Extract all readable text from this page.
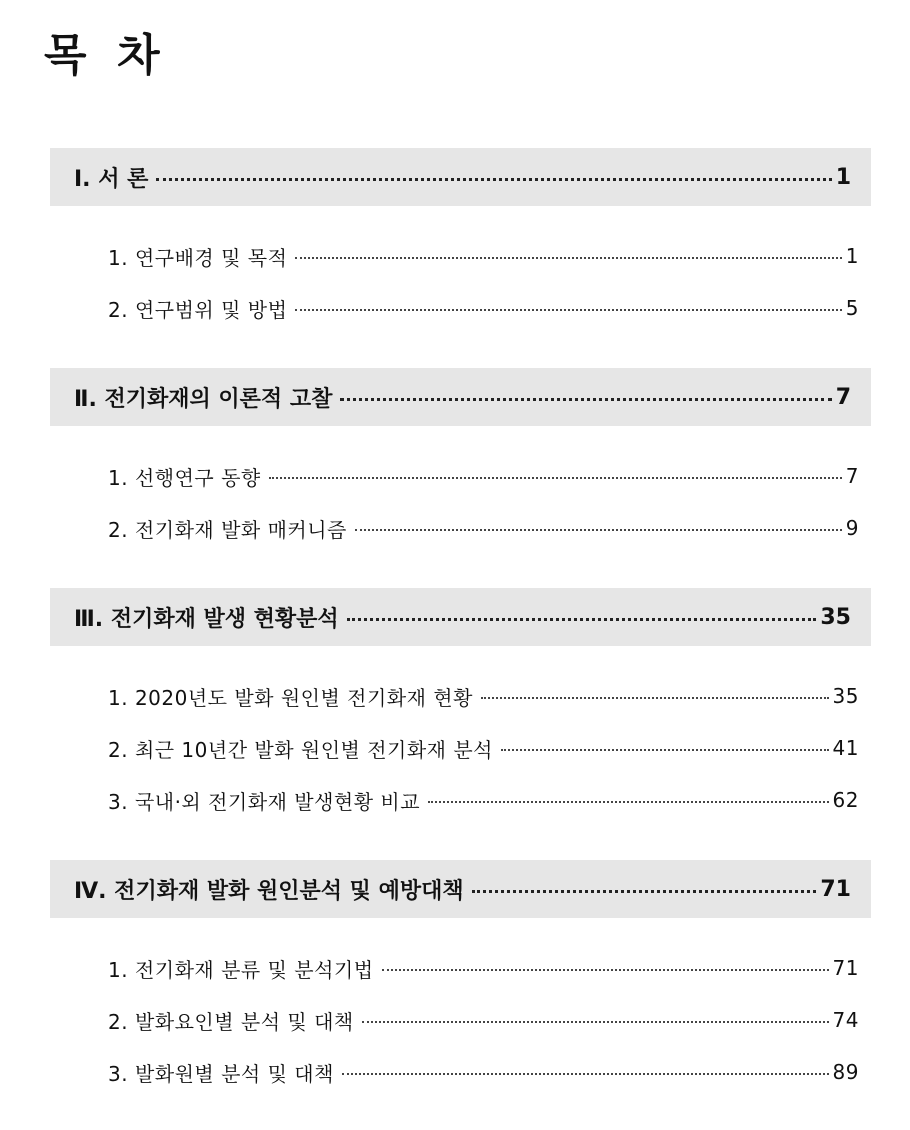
목  차
Ⅰ. 서 론	1
1. 연구배경 및 목적	1
2. 연구범위 및 방법	5
Ⅱ. 전기화재의 이론적 고찰	7
1. 선행연구 동향	7
2. 전기화재 발화 매커니즘	9
Ⅲ. 전기화재 발생 현황분석	35
1. 2020년도 발화 원인별 전기화재 현황	35
2. 최근 10년간 발화 원인별 전기화재 분석	41
3. 국내·외 전기화재 발생현황 비교	62
Ⅳ. 전기화재 발화 원인분석 및 예방대책	71
1. 전기화재 분류 및 분석기법	71
2. 발화요인별 분석 및 대책	74
3. 발화원별 분석 및 대책	89
